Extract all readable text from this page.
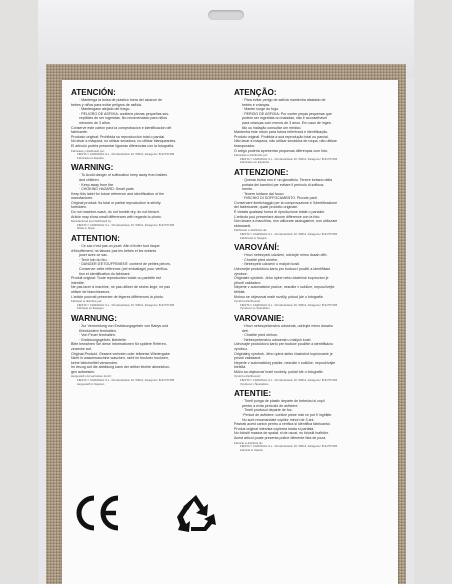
ATENCIÓN:

· Mantenga la bolsa de plástico fuera del alcance de

bebes y niños para evitar peligros de asfixia.

· Mantengase alejado del fuego.

· PELIGRO DE ASFIXIA: contiene piezas pequeñas sus-

ceptibles de ser ingeridas. No recomendado para niños

menores de 3 años.

Conserve este carton para la comprobacion e identificacion del

fabricante.

Producto original: Prohibida su reproducción total o parcial.

No lavar a máquina, no utilizar secadora, no utilizar blanqueantes.

El artículo podría presentar ligueras diferencias con la fotografía.

Fabricado y distribuido por:
FIESTA Y CARNAVAL S.L. / Ronda Edison 16, 50014, Zaragoza / B-91757495
Fabricado en España
WARNING:

· To Avoid danger of suffocation keep away from babies

and children.

· Keep away from fire.

· CHOKING HAZARD: Small parts

Keep this label for future reference and identification of the

manufacturer.

Original product: Its total or partial reproduction is strictly

forbidden.

Do not machine-wash, do not tumble dry, do not bleach.

Article may show small differences with regards to photo.

Manufactured and distributed by:
FIESTA Y CARNAVAL S.L. / Ronda Edison 16, 50014, Zaragoza / B-91757495
Made in Spain
ATTENTION:

· Ce sac n'est pas un jouet. Afin d'éviter tout risque

d'étouffement, ne laissez pas les bébés et les enfants

jouer avec ce sac.

· Tenir loin du feu.

· DANGER D'ETOUFFEMENT: contient de petites pièces.

Conserver cette référence (cet emballage) pour vérifica-

tion et identification du fabricant.

Produit original: Toute reproduction totale ou partielle est

interdite.

Ne pas laver à machine, ne pas utiliser de sèche-linge, ne pas

utiliser de blanchisseurs.

L'article pourrait présenter de légeres différences la photo.

Fabriqué et distribué par:
FIESTA Y CARNAVAL S.L. / Ronda Edison 16, 50014, Zaragoza / B-91757495
Fabriqué en Espagne
WARNUNG:

· Zur Vermeidung von Erstickungsgefahr von Babys und

Kleinkindern fernhalten.

· Von Feuer fernhalten.

· Erstickungsgefahr, kleinteile.

Bitte bewahren Sie diese Informationen für spätere Referen-

zzwecke auf.

Original-Produkt. Gesamt verboten oder teilweise Wiedergabe

Nicht in waschmaschine waschen, nicht im trockner trocknen,

keine bleichmittel verwenden.

Im bezug auf die abbildung kann der artikel leichte abweichun-

gen aufweisen.

Hergestellt und vertrieben durch:
FIESTA Y CARNAVAL S.L. / Ronda Edison 16, 50014, Zaragoza / B-91757495
Hergestellt in Spanien
ATENÇÃO:

· Para evitar perigo de asfixia mantenha afastado de

bebés e crianças.

· Manter longe do fogo.

· PERIGO DE ASFIXIA: Por conter peças pequenas que

podem ser ingeridas ou inaladas, não é aconselhável

para crianças com menos de 3 anos. Em caso de inges-

tão ou inalação consultar um médico.

Mantenha este rótulo para futura referência e identificação.

Produto original. Proibida a sua reprodução total ou parcial.

Não lavar à máquina, não utilizar secadora de roupa, não utilizar

branqueador.

O artigo poderia apresentar pequenas diferenças com foto.

Fabricado e distribuído por:
FIESTA Y CARNAVAL S.L. / Ronda Edison 16, 50014, Zaragoza / B-91757495
Fabricado em Espanha
ATTENZIONE:

· Questa borsa non e' un giocattolo. Tenere lontano dalla

portata dei bambini per evitare il pericolo di soffoca-

mento.

· Tenere lontano dal fuoco.

· RISCHIO DI SOFFOCAMENTO. Piccole parti.

Conservare linetichaggio per la comprovazione e l'identificazione

del fabbricante, quale prodotto originale.

È vietata qualsiasi forma di riproduzione totale o parziale.

L'articolo può presentare alcune differenze con la foto.

Non lavare a macchina, non utilizzare asciugatrice, non utilizzare

sbiancanti.

Fabbricato e distribuito da:
FIESTA Y CARNAVAL S.L. / Ronda Edison 16, 50014, Zaragoza / B-91757495
Fabbricato in Spagna
VAROVÁNÍ:

· Hrozí nebezpečí udušení, udržujte mimo dosah dětí.

· Chraňte před ohněm.

· Nebezpečí udusení u malých kostí.

Uchovejte produktovu kartu pro budoucí použití a identifikaci

výrobce.

Originální výrobek. Jeho úplné nebo částečné kopírování je

přísně zakázáno.

Neperte v automatické pračce, nesušte v sušičce, nepoužívejte

bělidla.

Mohou se objevovat malé rozdíly, pokud jde o fotografie.

Vyrobil a distribuoval:
FIESTA Y CARNAVAL S.L. / Ronda Edison 16, 50014, Zaragoza / B-91757495
Vyrobeno ve Španělsku
VAROVANIE:

· Hrozí nebezpečenstvo udusenia, udržujte mimo dosahu

detí.

· Chráňte pred ohňom.

· Nebezpečenstvo udusenia u malých kostí.

Uchovajte produktovú kartu pre budúce použitie a identifikáciu

výrobcu.

Originálny výrobok. Jeho úplné alebo čiastočné kopírovanie je

prísne zakázané.

Neperte v automatickej práčke, nesušte v sušičke, nepoužívajte

bielidlá.

Môžu sa objavovať malé rozdiely, pokiaľ ide o fotografie.

Vyrobil a distribuoval:
FIESTA Y CARNAVAL S.L. / Ronda Edison 16, 50014, Zaragoza / B-91757495
Vyrobené v Španielsku
ATENTIE:

· Tineti punga de plastic departe de bebelusi si copii

pentru a evita pericolul de asfixiere.

· Tineti produsul departe de foc.

·Pericol de asfixiere: contine piese mici ce pot fi înghițite.

Nu sunt recomandate copiilor minori de 3 ani.

Pastrati acest carton pentru a verifica si identifica fabricantul.

Produs original interzisa copierea totala si partiala.

Nu folositi masina de spalat, si de uscat, nu folositi inalbitor.

Acest articol poate prezenta putine diferente fata de poza.

Fabricat și distribuit de:
FIESTA Y CARNAVAL S.L. / Ronda Edison 16, 50014, Zaragoza / B-91757495
Fabricat în Spania
